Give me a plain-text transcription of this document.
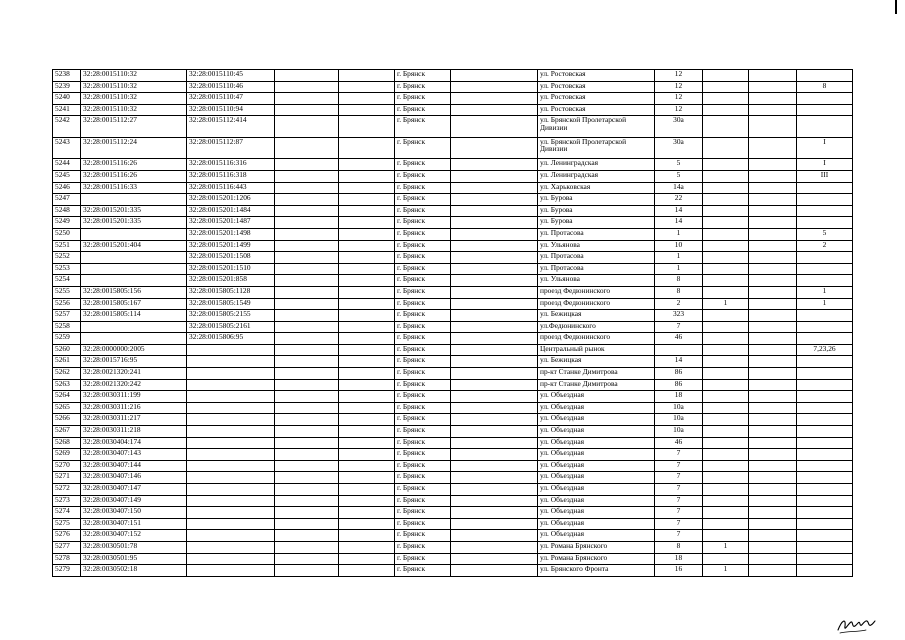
5238	32:28:0015110:32	32:28:0015110:45			г. Брянск		ул. Ростовская	12			
5239	32:28:0015110:32	32:28:0015110:46			г. Брянск		ул. Ростовская	12			8
5240	32:28:0015110:32	32:28:0015110:47			г. Брянск		ул. Ростовская	12			
5241	32:28:0015110:32	32:28:0015110:94			г. Брянск		ул. Ростовская	12			
5242	32:28:0015112:27	32:28:0015112:414			г. Брянск		ул. Брянской Пролетарской Дивизии	30а			
5243	32:28:0015112:24	32:28:0015112:87			г. Брянск		ул. Брянской Пролетарской Дивизии	30а			I
5244	32:28:0015116:26	32:28:0015116:316			г. Брянск		ул. Ленинградская	5			I
5245	32:28:0015116:26	32:28:0015116:318			г. Брянск		ул. Ленинградская	5			III
5246	32:28:0015116:33	32:28:0015116:443			г. Брянск		ул. Харьковская	14а			
5247		32:28:0015201:1206			г. Брянск		ул. Бурова	22			
5248	32:28:0015201:335	32:28:0015201:1484			г. Брянск		ул. Бурова	14			
5249	32:28:0015201:335	32:28:0015201:1487			г. Брянск		ул. Бурова	14			
5250		32:28:0015201:1498			г. Брянск		ул. Протасова	1			5
5251	32:28:0015201:404	32:28:0015201:1499			г. Брянск		ул. Ульянова	10			2
5252		32:28:0015201:1508			г. Брянск		ул. Протасова	1			
5253		32:28:0015201:1510			г. Брянск		ул. Протасова	1			
5254		32:28:0015201:858			г. Брянск		ул. Ульянова	8			
5255	32:28:0015805:156	32:28:0015805:1128			г. Брянск		проезд Федюнинского	8			1
5256	32:28:0015805:167	32:28:0015805:1549			г. Брянск		проезд Федюнинского	2	1		1
5257	32:28:0015805:114	32:28:0015805:2155			г. Брянск		ул. Бежицкая	323			
5258		32:28:0015805:2161			г. Брянск		ул.Федюнинского	7			
5259		32:28:0015806:95			г. Брянск		проезд Федюнинского	46			
5260	32:28:0000000:2005				г. Брянск		Центральный рынок				7,23,26
5261	32:28:0015716:95				г. Брянск		ул. Бежицкая	14			
5262	32:28:0021320:241				г. Брянск		пр-кт Станке Димитрова	86			
5263	32:28:0021320:242				г. Брянск		пр-кт Станке Димитрова	86			
5264	32:28:0030311:199				г. Брянск		ул. Объездная	18			
5265	32:28:0030311:216				г. Брянск		ул. Объездная	10а			
5266	32:28:0030311:217				г. Брянск		ул. Объездная	10а			
5267	32:28:0030311:218				г. Брянск		ул. Объездная	10а			
5268	32:28:0030404:174				г. Брянск		ул. Объездная	46			
5269	32:28:0030407:143				г. Брянск		ул. Объездная	7			
5270	32:28:0030407:144				г. Брянск		ул. Объездная	7			
5271	32:28:0030407:146				г. Брянск		ул. Объездная	7			
5272	32:28:0030407:147				г. Брянск		ул. Объездная	7			
5273	32:28:0030407:149				г. Брянск		ул. Объездная	7			
5274	32:28:0030407:150				г. Брянск		ул. Объездная	7			
5275	32:28:0030407:151				г. Брянск		ул. Объездная	7			
5276	32:28:0030407:152				г. Брянск		ул. Объездная	7			
5277	32:28:0030501:78				г. Брянск		ул. Романа Брянского	8	1		
5278	32:28:0030501:95				г. Брянск		ул. Романа Брянского	18			
5279	32:28:0030502:18				г. Брянск		ул. Брянского Фронта	16	1		
